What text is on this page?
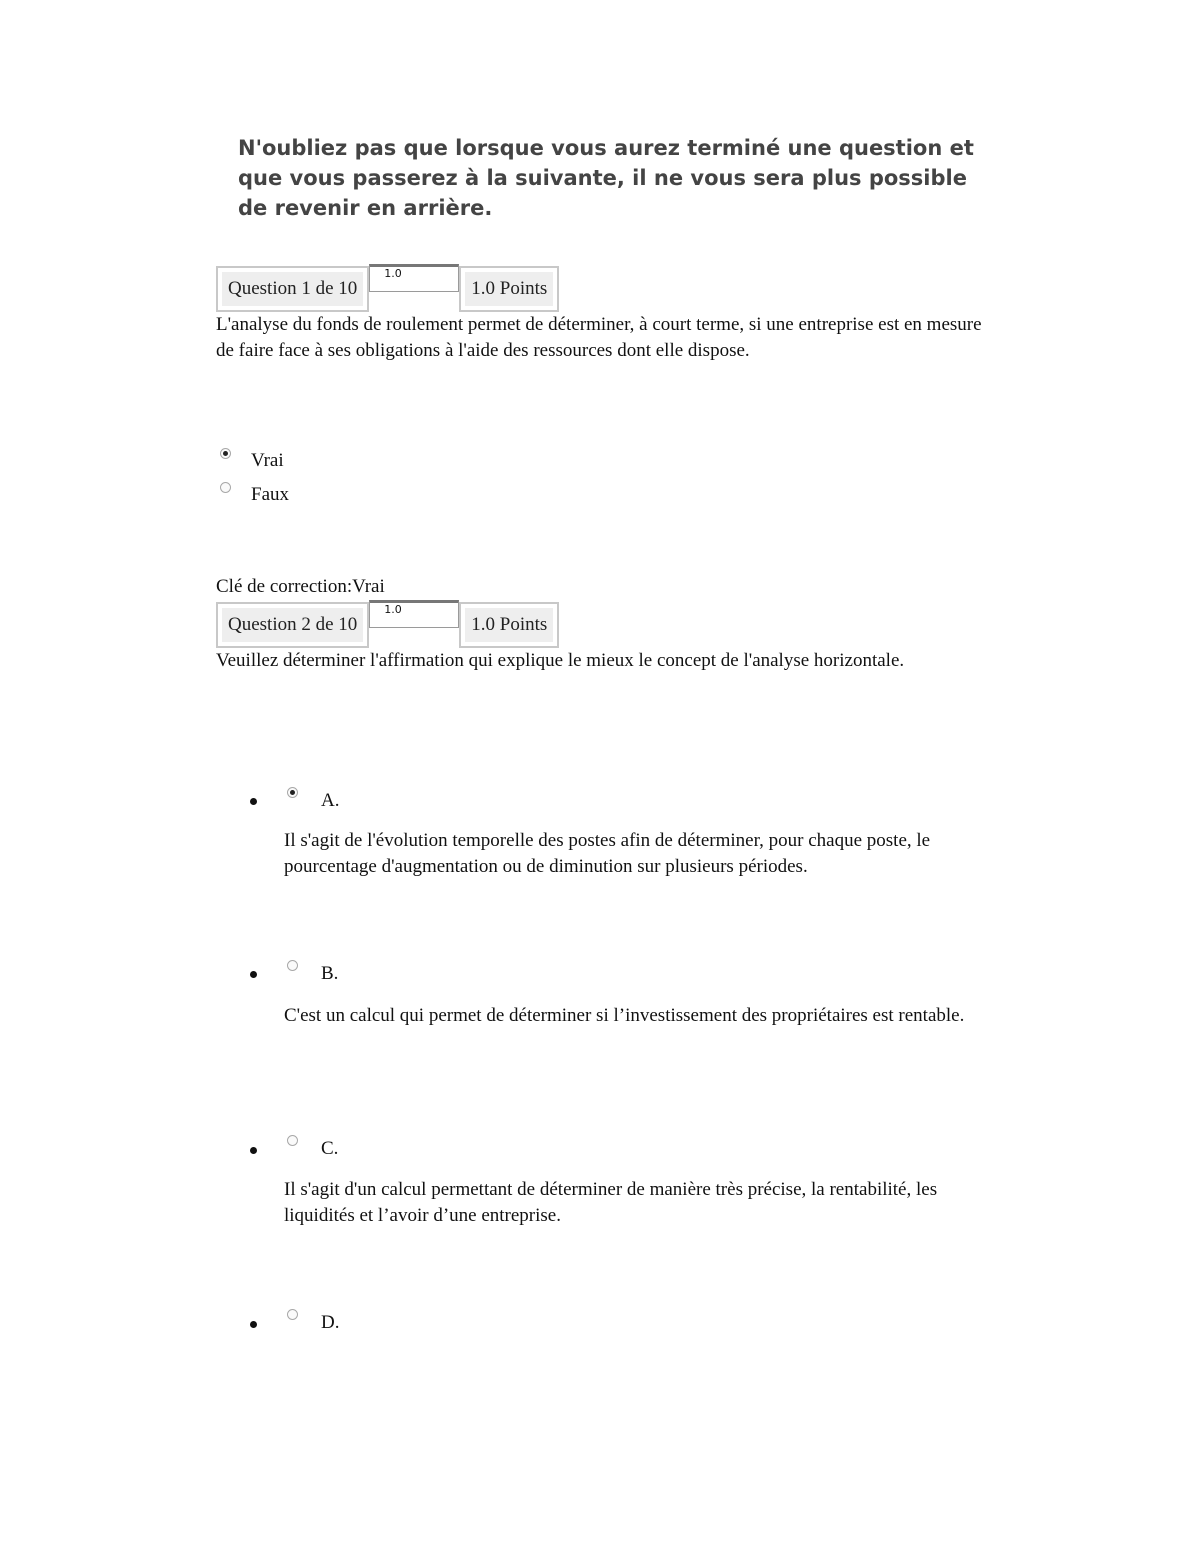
N'oubliez pas que lorsque vous aurez terminé une question et que vous passerez à la suivante, il ne vous sera plus possible de revenir en arrière.
Question 1 de 10
1.0
1.0 Points
L'analyse du fonds de roulement permet de déterminer, à court terme, si une entreprise est en mesure de faire face à ses obligations à l'aide des ressources dont elle dispose.
Vrai
Faux
Clé de correction:Vrai
Question 2 de 10
1.0
1.0 Points
Veuillez déterminer l'affirmation qui explique le mieux le concept de l'analyse horizontale.
A.
Il s'agit de l'évolution temporelle des postes afin de déterminer, pour chaque poste, le pourcentage d'augmentation ou de diminution sur plusieurs périodes.
B.
C'est un calcul qui permet de déterminer si l’investissement des propriétaires est rentable.
C.
Il s'agit d'un calcul permettant de déterminer de manière très précise, la rentabilité, les liquidités et l’avoir d’une entreprise.
D.
